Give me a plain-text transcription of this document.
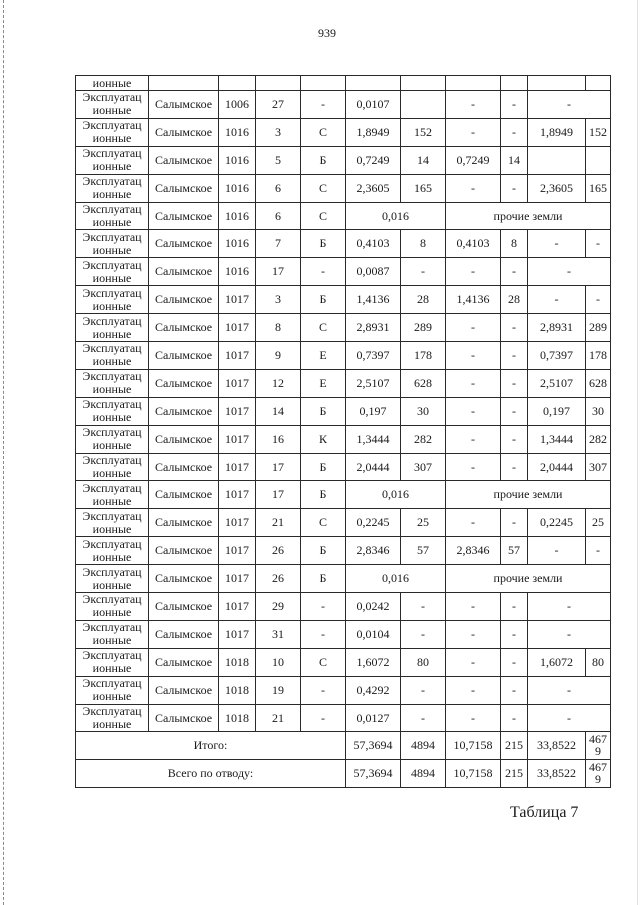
939
ионные										
Эксплуатац ионные	Салымское	1006	27	-	0,0107		-	-	-	
Эксплуатац ионные	Салымское	1016	3	С	1,8949	152	-	-	1,8949	152
Эксплуатац ионные	Салымское	1016	5	Б	0,7249	14	0,7249	14		
Эксплуатац ионные	Салымское	1016	6	С	2,3605	165	-	-	2,3605	165
Эксплуатац ионные	Салымское	1016	6	С	0,016		прочие земли			
Эксплуатац ионные	Салымское	1016	7	Б	0,4103	8	0,4103	8	-	-
Эксплуатац ионные	Салымское	1016	17	-	0,0087	-	-	-	-	
Эксплуатац ионные	Салымское	1017	3	Б	1,4136	28	1,4136	28	-	-
Эксплуатац ионные	Салымское	1017	8	С	2,8931	289	-	-	2,8931	289
Эксплуатац ионные	Салымское	1017	9	Е	0,7397	178	-	-	0,7397	178
Эксплуатац ионные	Салымское	1017	12	Е	2,5107	628	-	-	2,5107	628
Эксплуатац ионные	Салымское	1017	14	Б	0,197	30	-	-	0,197	30
Эксплуатац ионные	Салымское	1017	16	К	1,3444	282	-	-	1,3444	282
Эксплуатац ионные	Салымское	1017	17	Б	2,0444	307	-	-	2,0444	307
Эксплуатац ионные	Салымское	1017	17	Б	0,016		прочие земли			
Эксплуатац ионные	Салымское	1017	21	С	0,2245	25	-	-	0,2245	25
Эксплуатац ионные	Салымское	1017	26	Б	2,8346	57	2,8346	57	-	-
Эксплуатац ионные	Салымское	1017	26	Б	0,016		прочие земли			
Эксплуатац ионные	Салымское	1017	29	-	0,0242	-	-	-	-	
Эксплуатац ионные	Салымское	1017	31	-	0,0104	-	-	-	-	
Эксплуатац ионные	Салымское	1018	10	С	1,6072	80	-	-	1,6072	80
Эксплуатац ионные	Салымское	1018	19	-	0,4292	-	-	-	-	
Эксплуатац ионные	Салымское	1018	21	-	0,0127	-	-	-	-	
Итого:					57,3694	4894	10,7158	215	33,8522	4679
Всего по отводу:					57,3694	4894	10,7158	215	33,8522	4679
Таблица 7
